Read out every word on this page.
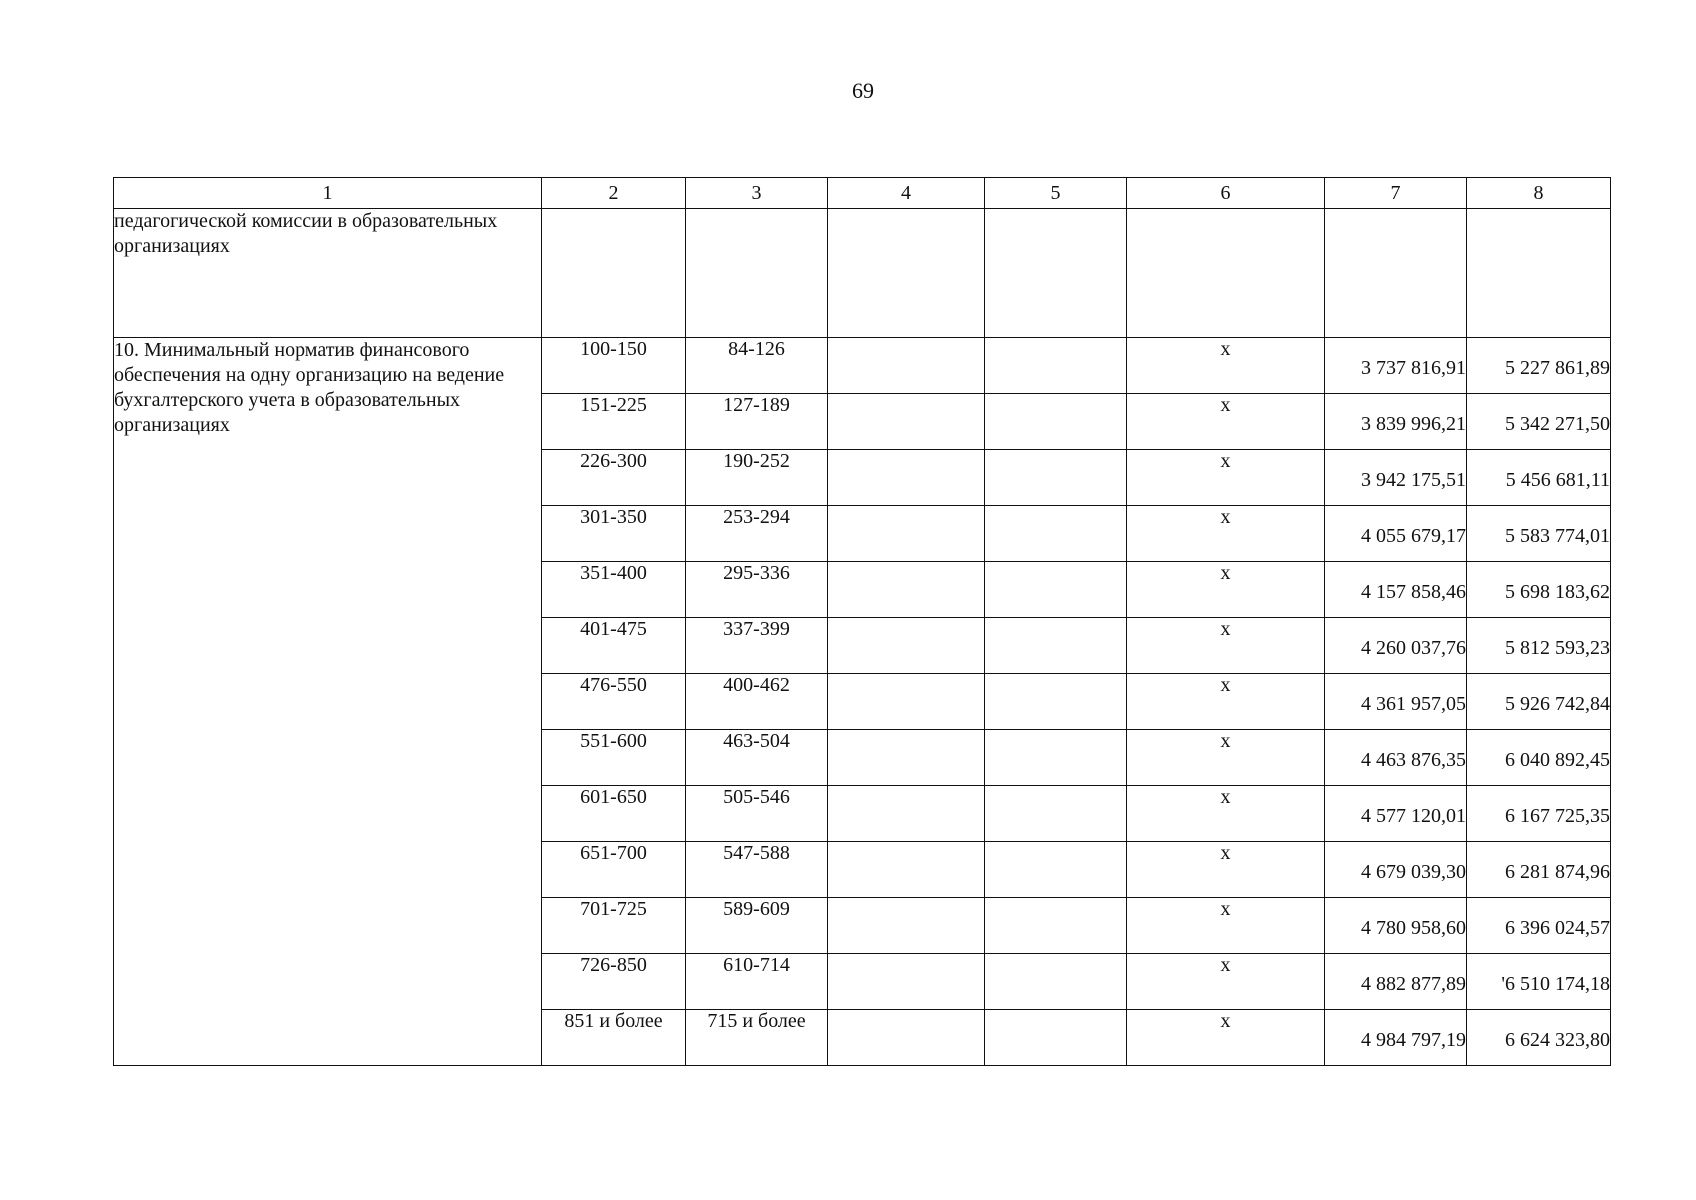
69
1	2	3	4	5	6	7	8
педагогической комиссии в образовательных организациях							
10. Минимальный норматив финансового обеспечения на одну организацию на ведение бухгалтерского учета в образовательных организациях	100-150	84-126			х	3 737 816,91	5 227 861,89
	151-225	127-189			х	3 839 996,21	5 342 271,50
	226-300	190-252			х	3 942 175,51	5 456 681,11
	301-350	253-294			х	4 055 679,17	5 583 774,01
	351-400	295-336			х	4 157 858,46	5 698 183,62
	401-475	337-399			х	4 260 037,76	5 812 593,23
	476-550	400-462			х	4 361 957,05	5 926 742,84
	551-600	463-504			х	4 463 876,35	6 040 892,45
	601-650	505-546			х	4 577 120,01	6 167 725,35
	651-700	547-588			х	4 679 039,30	6 281 874,96
	701-725	589-609			х	4 780 958,60	6 396 024,57
	726-850	610-714			х	4 882 877,89	'6 510 174,18
	851 и более	715 и более			х	4 984 797,19	6 624 323,80
